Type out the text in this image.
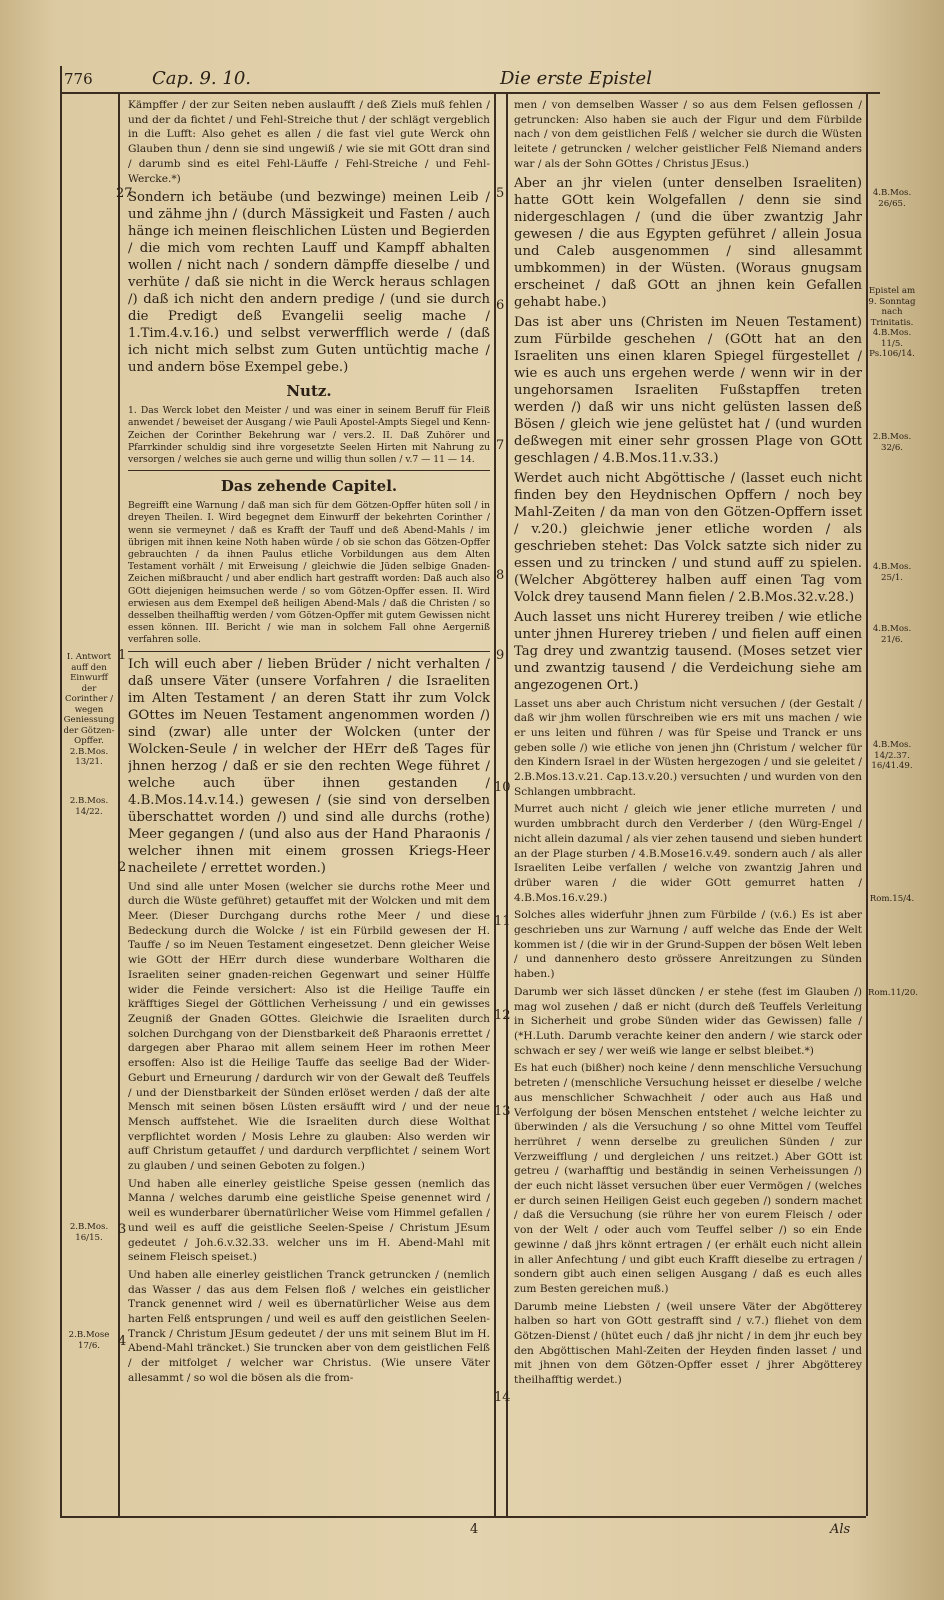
776	Cap. 9. 10.	Die erste Epistel

Kämpffer / der zur Seiten neben auslaufft / deß Ziels muß fehlen / und der da fichtet / und Fehl-Streiche thut / der schlägt vergeblich in die Lufft: Also gehet es allen / die fast viel gute Werck ohn Glauben thun / denn sie sind ungewiß / wie sie mit GOtt dran sind / darumb sind es eitel Fehl-Läuffe / Fehl-Streiche / und Fehl-Wercke.*)

Sondern ich betäube (und bezwinge) meinen Leib / und zähme jhn / (durch Mässigkeit und Fasten / auch hänge ich meinen fleischlichen Lüsten und Begierden / die mich vom rechten Lauff und Kampff abhalten wollen / nicht nach / sondern dämpffe dieselbe / und verhüte / daß sie nicht in die Werck heraus schlagen /) daß ich nicht den andern predige / (und sie durch die Predigt deß Evangelii seelig mache / 1.Tim.4.v.16.) und selbst verwerfflich werde / (daß ich nicht mich selbst zum Guten untüchtig mache / und andern böse Exempel gebe.)

Nutz.

1. Das Werck lobet den Meister / und was einer in seinem Beruff für Fleiß anwendet / beweiset der Ausgang / wie Pauli Apostel-Ampts Siegel und Kenn-Zeichen der Corinther Bekehrung war / vers.2. II. Daß Zuhörer und Pfarrkinder schuldig sind ihre vorgesetzte Seelen Hirten mit Nahrung zu versorgen / welches sie auch gerne und willig thun sollen / v.7 — 11 — 14.

Das zehende Capitel.

Begreifft eine Warnung / daß man sich für dem Götzen-Opffer hüten soll / in dreyen Theilen. I. Wird begegnet dem Einwurff der bekehrten Corinther / wenn sie vermeynet / daß es Krafft der Tauff und deß Abend-Mahls / im übrigen mit ihnen keine Noth haben würde / ob sie schon das Götzen-Opffer gebrauchten / da ihnen Paulus etliche Vorbildungen aus dem Alten Testament vorhält / mit Erweisung / gleichwie die Jüden selbige Gnaden-Zeichen mißbraucht / und aber endlich hart gestrafft worden: Daß auch also GOtt diejenigen heimsuchen werde / so vom Götzen-Opffer essen. II. Wird erwiesen aus dem Exempel deß heiligen Abend-Mals / daß die Christen / so desselben theilhafftig werden / vom Götzen-Opffer mit gutem Gewissen nicht essen können. III. Bericht / wie man in solchem Fall ohne Aergerniß verfahren solle.

Ich will euch aber / lieben Brüder / nicht verhalten / daß unsere Väter (unsere Vorfahren / die Israeliten im Alten Testament / an deren Statt ihr zum Volck GOttes im Neuen Testament angenommen worden /) sind (zwar) alle unter der Wolcken (unter der Wolcken-Seule / in welcher der HErr deß Tages für jhnen herzog / daß er sie den rechten Wege führet / welche auch über ihnen gestanden / 4.B.Mos.14.v.14.) gewesen / (sie sind von derselben überschattet worden /) und sind alle durchs (rothe) Meer gegangen / (und also aus der Hand Pharaonis / welcher ihnen mit einem grossen Kriegs-Heer nacheilete / errettet worden.)

Und sind alle unter Mosen (welcher sie durchs rothe Meer und durch die Wüste geführet) getauffet mit der Wolcken und mit dem Meer. (Dieser Durchgang durchs rothe Meer / und diese Bedeckung durch die Wolcke / ist ein Fürbild gewesen der H. Tauffe / so im Neuen Testament eingesetzet. Denn gleicher Weise wie GOtt der HErr durch diese wunderbare Woltharen die Israeliten seiner gnaden-reichen Gegenwart und seiner Hülffe wider die Feinde versichert: Also ist die Heilige Tauffe ein kräfftiges Siegel der Göttlichen Verheissung / und ein gewisses Zeugniß der Gnaden GOttes. Gleichwie die Israeliten durch solchen Durchgang von der Dienstbarkeit deß Pharaonis errettet / dargegen aber Pharao mit allem seinem Heer im rothen Meer ersoffen: Also ist die Heilige Tauffe das seelige Bad der Wider-Geburt und Erneurung / dardurch wir von der Gewalt deß Teuffels / und der Dienstbarkeit der Sünden erlöset werden / daß der alte Mensch mit seinen bösen Lüsten ersäufft wird / und der neue Mensch auffstehet. Wie die Israeliten durch diese Wolthat verpflichtet worden / Mosis Lehre zu glauben: Also werden wir auff Christum getauffet / und dardurch verpflichtet / seinem Wort zu glauben / und seinen Geboten zu folgen.)

Und haben alle einerley geistliche Speise gessen (nemlich das Manna / welches darumb eine geistliche Speise genennet wird / weil es wunderbarer übernatürlicher Weise vom Himmel gefallen / und weil es auff die geistliche Seelen-Speise / Christum JEsum gedeutet / Joh.6.v.32.33. welcher uns im H. Abend-Mahl mit seinem Fleisch speiset.)

Und haben alle einerley geistlichen Tranck getruncken / (nemlich das Wasser / das aus dem Felsen floß / welches ein geistlicher Tranck genennet wird / weil es übernatürlicher Weise aus dem harten Felß entsprungen / und weil es auff den geistlichen Seelen-Tranck / Christum JEsum gedeutet / der uns mit seinem Blut im H. Abend-Mahl träncket.) Sie truncken aber von dem geistlichen Felß / der mitfolget / welcher war Christus. (Wie unsere Väter allesammt / so wol die bösen als die from-

men / von demselben Wasser / so aus dem Felsen geflossen / getruncken: Also haben sie auch der Figur und dem Fürbilde nach / von dem geistlichen Felß / welcher sie durch die Wüsten leitete / getruncken / welcher geistlicher Felß Niemand anders war / als der Sohn GOttes / Christus JEsus.)

Aber an jhr vielen (unter denselben Israeliten) hatte GOtt kein Wolgefallen / denn sie sind nidergeschlagen / (und die über zwantzig Jahr gewesen / die aus Egypten geführet / allein Josua und Caleb ausgenommen / sind allesammt umbkommen) in der Wüsten. (Woraus gnugsam erscheinet / daß GOtt an jhnen kein Gefallen gehabt habe.)

Das ist aber uns (Christen im Neuen Testament) zum Fürbilde geschehen / (GOtt hat an den Israeliten uns einen klaren Spiegel fürgestellet / wie es auch uns ergehen werde / wenn wir in der ungehorsamen Israeliten Fußstapffen treten werden /) daß wir uns nicht gelüsten lassen deß Bösen / gleich wie jene gelüstet hat / (und wurden deßwegen mit einer sehr grossen Plage von GOtt geschlagen / 4.B.Mos.11.v.33.)

Werdet auch nicht Abgöttische / (lasset euch nicht finden bey den Heydnischen Opffern / noch bey Mahl-Zeiten / da man von den Götzen-Opffern isset / v.20.) gleichwie jener etliche worden / als geschrieben stehet: Das Volck satzte sich nider zu essen und zu trincken / und stund auff zu spielen. (Welcher Abgötterey halben auff einen Tag vom Volck drey tausend Mann fielen / 2.B.Mos.32.v.28.)

Auch lasset uns nicht Hurerey treiben / wie etliche unter jhnen Hurerey trieben / und fielen auff einen Tag drey und zwantzig tausend. (Moses setzet vier und zwantzig tausend / die Verdeichung siehe am angezogenen Ort.)

Lasset uns aber auch Christum nicht versuchen / (der Gestalt / daß wir jhm wollen fürschreiben wie ers mit uns machen / wie er uns leiten und führen / was für Speise und Tranck er uns geben solle /) wie etliche von jenen jhn (Christum / welcher für den Kindern Israel in der Wüsten hergezogen / und sie geleitet / 2.B.Mos.13.v.21. Cap.13.v.20.) versuchten / und wurden von den Schlangen umbbracht.

Murret auch nicht / gleich wie jener etliche murreten / und wurden umbbracht durch den Verderber / (den Würg-Engel / nicht allein dazumal / als vier zehen tausend und sieben hundert an der Plage sturben / 4.B.Mose16.v.49. sondern auch / als aller Israeliten Leibe verfallen / welche von zwantzig Jahren und drüber waren / die wider GOtt gemurret hatten / 4.B.Mos.16.v.29.)

Solches alles widerfuhr jhnen zum Fürbilde / (v.6.) Es ist aber geschrieben uns zur Warnung / auff welche das Ende der Welt kommen ist / (die wir in der Grund-Suppen der bösen Welt leben / und dannenhero desto grössere Anreitzungen zu Sünden haben.)

Darumb wer sich lässet düncken / er stehe (fest im Glauben /) mag wol zusehen / daß er nicht (durch deß Teuffels Verleitung in Sicherheit und grobe Sünden wider das Gewissen) falle / (*H.Luth. Darumb verachte keiner den andern / wie starck oder schwach er sey / wer weiß wie lange er selbst bleibet.*)

Es hat euch (bißher) noch keine / denn menschliche Versuchung betreten / (menschliche Versuchung heisset er dieselbe / welche aus menschlicher Schwachheit / oder auch aus Haß und Verfolgung der bösen Menschen entstehet / welche leichter zu überwinden / als die Versuchung / so ohne Mittel vom Teuffel herrühret / wenn derselbe zu greulichen Sünden / zur Verzweifflung / und dergleichen / uns reitzet.) Aber GOtt ist getreu / (warhafftig und beständig in seinen Verheissungen /) der euch nicht lässet versuchen über euer Vermögen / (welches er durch seinen Heiligen Geist euch gegeben /) sondern machet / daß die Versuchung (sie rühre her von eurem Fleisch / oder von der Welt / oder auch vom Teuffel selber /) so ein Ende gewinne / daß jhrs könnt ertragen / (er erhält euch nicht allein in aller Anfechtung / und gibt euch Krafft dieselbe zu ertragen / sondern gibt auch einen seligen Ausgang / daß es euch alles zum Besten gereichen muß.)

Darumb meine Liebsten / (weil unsere Väter der Abgötterey halben so hart von GOtt gestrafft sind / v.7.) fliehet von dem Götzen-Dienst / (hütet euch / daß jhr nicht / in dem jhr euch bey den Abgöttischen Mahl-Zeiten der Heyden finden lasset / und mit jhnen von dem Götzen-Opffer esset / jhrer Abgötterey theilhafftig werdet.)

27	5
6
7
8
9
1
2
3
4
10
11
12
13
14
I. Antwort auff den Einwurff der Corinther / wegen Geniessung der Götzen-Opffer. 2.B.Mos. 13/21.
2.B.Mos. 14/22.
2.B.Mos. 16/15.
2.B.Mose 17/6.
4.B.Mos. 26/65.
Epistel am 9. Sonntag nach Trinitatis. 4.B.Mos. 11/5. Ps.106/14.
2.B.Mos. 32/6.
4.B.Mos. 25/1.
4.B.Mos. 21/6.
4.B.Mos. 14/2.37. 16/41.49.
Rom.15/4.
Rom.11/20.
4	Als
